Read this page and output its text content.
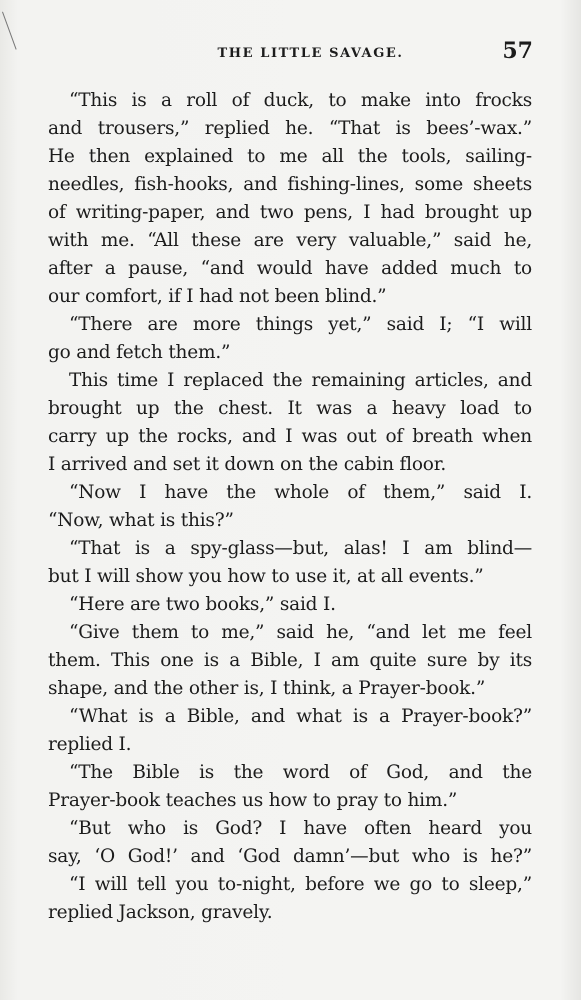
THE LITTLE SAVAGE.	57
“This is a roll of duck, to make into frocks
and trousers,” replied he. “That is bees’-wax.”
He then explained to me all the tools, sailing-
needles, fish-hooks, and fishing-lines, some sheets
of writing-paper, and two pens, I had brought up
with me. “All these are very valuable,” said he,
after a pause, “and would have added much to
our comfort, if I had not been blind.”
“There are more things yet,” said I; “I will
go and fetch them.”
This time I replaced the remaining articles, and
brought up the chest. It was a heavy load to
carry up the rocks, and I was out of breath when
I arrived and set it down on the cabin floor.
“Now I have the whole of them,” said I.
“Now, what is this?”
“That is a spy-glass—but, alas! I am blind—
but I will show you how to use it, at all events.”
“Here are two books,” said I.
“Give them to me,” said he, “and let me feel
them. This one is a Bible, I am quite sure by its
shape, and the other is, I think, a Prayer-book.”
“What is a Bible, and what is a Prayer-book?”
replied I.
“The Bible is the word of God, and the
Prayer-book teaches us how to pray to him.”
“But who is God? I have often heard you
say, ‘O God!’ and ‘God damn’—but who is he?”
“I will tell you to-night, before we go to sleep,”
replied Jackson, gravely.
